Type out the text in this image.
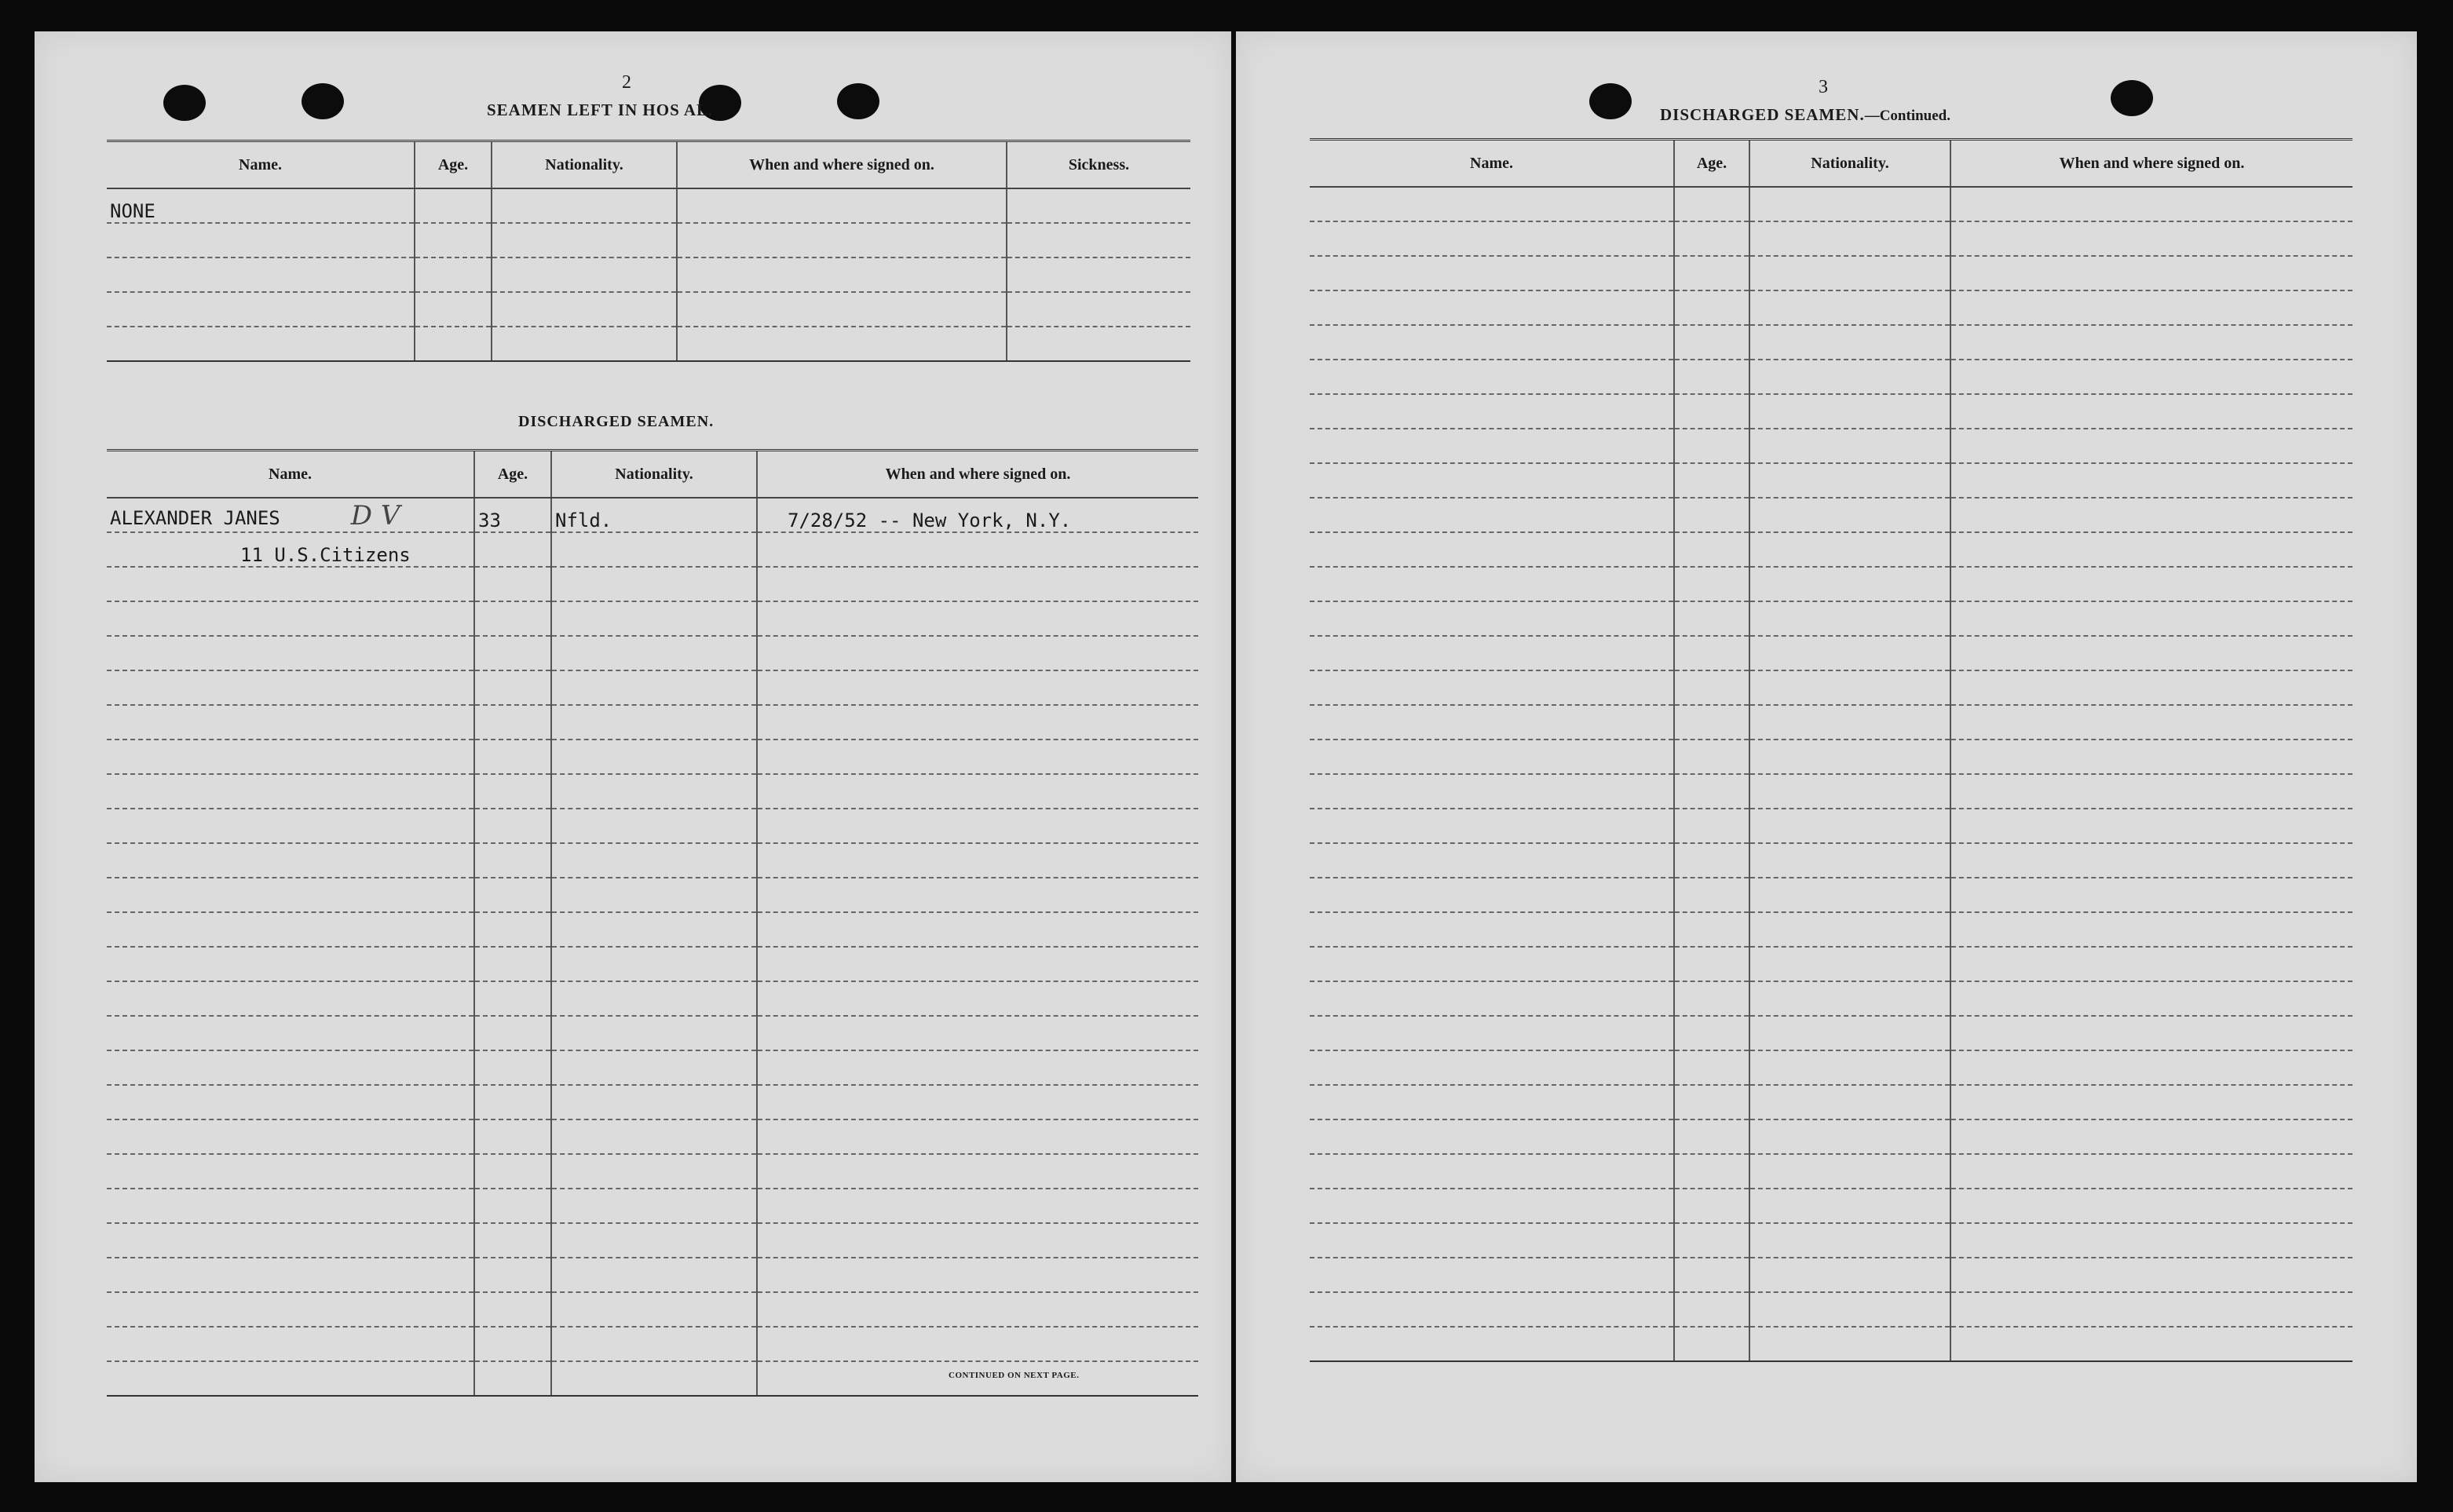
2
SEAMEN LEFT IN HOS AL.
Name.	Age.	Nationality.	When and where signed on.	Sickness.
NONE				

DISCHARGED SEAMEN.
Name.	Age.	Nationality.	When and where signed on.
ALEXANDER JANES D V	33	Nfld.	7/28/52 -- New York, N.Y.
11 U.S.Citizens			

CONTINUED ON NEXT PAGE.
3
DISCHARGED SEAMEN.—Continued.
Name.	Age.	Nationality.	When and where signed on.
